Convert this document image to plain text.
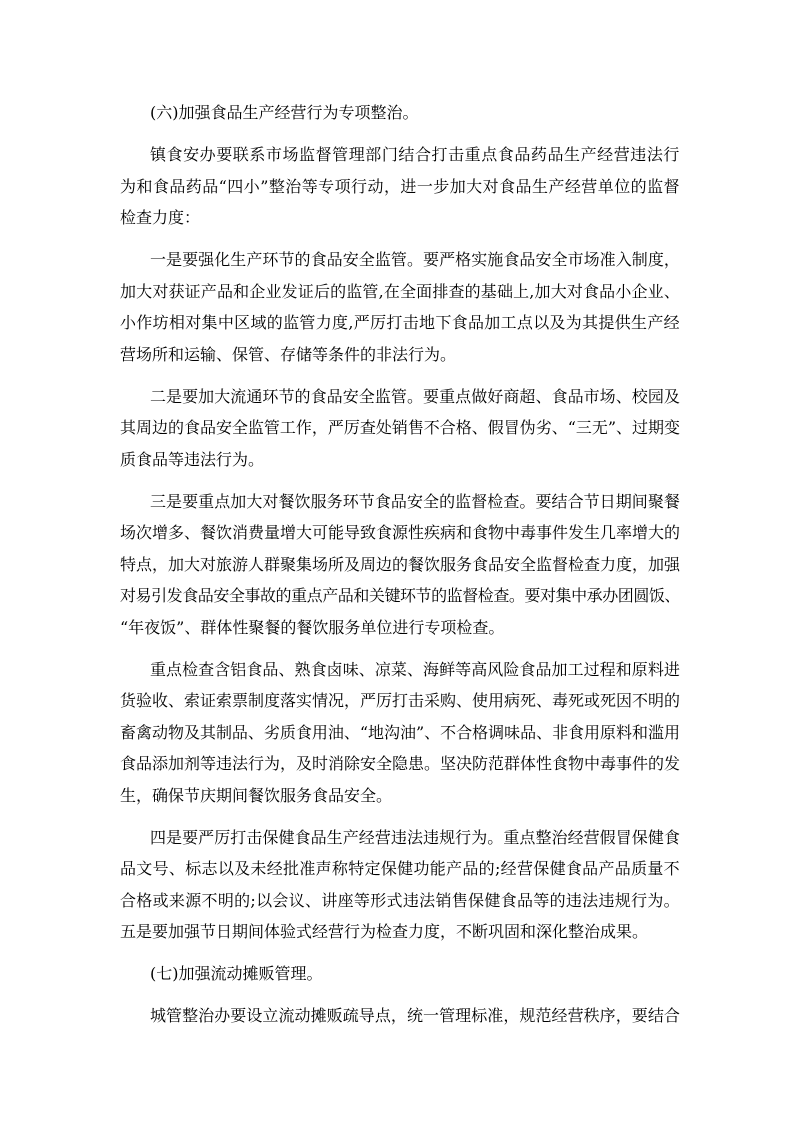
(六)加强食品生产经营行为专项整治。
镇食安办要联系市场监督管理部门结合打击重点食品药品生产经营违法行
为和食品药品“四小”整治等专项行动，进一步加大对食品生产经营单位的监督
检查力度：
一是要强化生产环节的食品安全监管。要严格实施食品安全市场准入制度，
加大对获证产品和企业发证后的监管,在全面排查的基础上,加大对食品小企业、
小作坊相对集中区域的监管力度,严厉打击地下食品加工点以及为其提供生产经
营场所和运输、保管、存储等条件的非法行为。
二是要加大流通环节的食品安全监管。要重点做好商超、食品市场、校园及
其周边的食品安全监管工作，严厉查处销售不合格、假冒伪劣、“三无”、过期变
质食品等违法行为。
三是要重点加大对餐饮服务环节食品安全的监督检查。要结合节日期间聚餐
场次增多、餐饮消费量增大可能导致食源性疾病和食物中毒事件发生几率增大的
特点，加大对旅游人群聚集场所及周边的餐饮服务食品安全监督检查力度，加强
对易引发食品安全事故的重点产品和关键环节的监督检查。要对集中承办团圆饭、
“年夜饭”、群体性聚餐的餐饮服务单位进行专项检查。
重点检查含铝食品、熟食卤味、凉菜、海鲜等高风险食品加工过程和原料进
货验收、索证索票制度落实情况，严厉打击采购、使用病死、毒死或死因不明的
畜禽动物及其制品、劣质食用油、“地沟油”、不合格调味品、非食用原料和滥用
食品添加剂等违法行为，及时消除安全隐患。坚决防范群体性食物中毒事件的发
生，确保节庆期间餐饮服务食品安全。
四是要严厉打击保健食品生产经营违法违规行为。重点整治经营假冒保健食
品文号、标志以及未经批准声称特定保健功能产品的;经营保健食品产品质量不
合格或来源不明的;以会议、讲座等形式违法销售保健食品等的违法违规行为。
五是要加强节日期间体验式经营行为检查力度，不断巩固和深化整治成果。
(七)加强流动摊贩管理。
城管整治办要设立流动摊贩疏导点，统一管理标准，规范经营秩序，要结合
